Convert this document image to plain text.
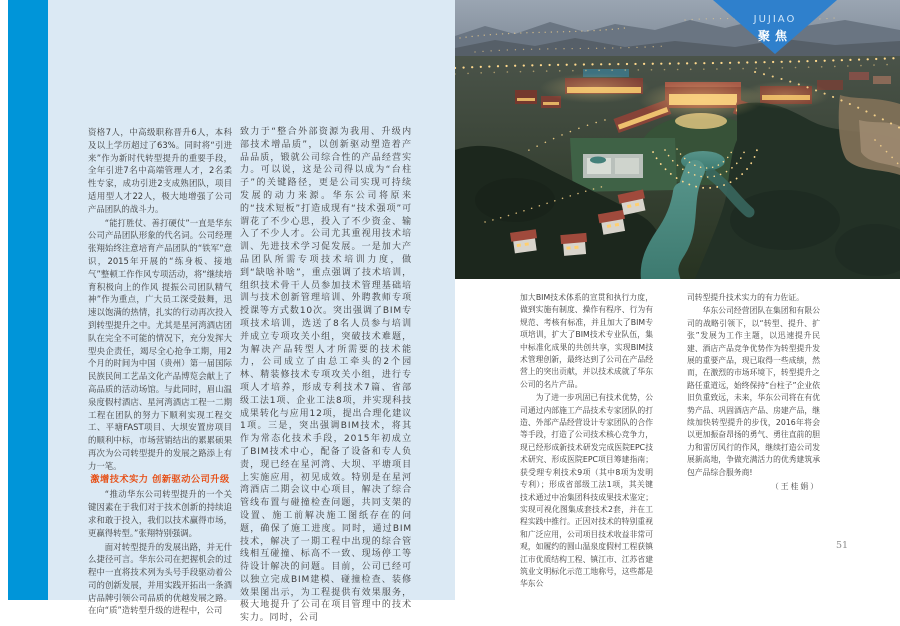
JUJIAO
聚焦
资格7人，中高级职称晋升6人，本科及以上学历超过了63%。同时将“引进来”作为新时代转型提升的重要手段，全年引进7名中高端管理人才，2名柔性专家，成功引进2支成熟团队，项目适用型人才22人，极大地增强了公司产品团队的战斗力。
“能打胜仗、善打硬仗”一直是华东公司产品团队形象的代名词。公司经理张翔始终注意培育产品团队的“铁军”意识，2015年开展的“练身板、接地气”整顿工作作风专项活动，将“继续培育积极向上的作风 提振公司团队精气神”作为重点，广大员工深受鼓舞，迅速以饱满的热情，扎实的行动再次投入到转型提升之中。尤其是星河湾酒店团队在完全不可能的情况下，充分发挥大型央企责任，竭尽全心抢争工期，用2个月的时间为中国（贵州）第一届国际民族民间工艺品文化产品博览会献上了高品质的活动场馆。与此同时，眉山温泉度假村酒店、星河湾酒店工程一二期工程在团队的努力下顺利实现工程交工、平塘FAST项目、大坝安置房项目的顺利中标，市场营销结出的累累硕果再次为公司转型提升的发展之路添上有力一笔。
激增技术实力 创新驱动公司升级
“推动华东公司转型提升的一个关键因素在于我们对于技术创新的持续追求和敢于投入，我们以技术赢得市场，更赢得转型。”张翔特别强调。
面对转型提升的发展出路，并无什么捷径可言。华东公司在把握机会的过程中一直将技术列为头号手段驱动着公司的创新发展，并用实践开拓出一条酒店品牌引领公司品质的优越发展之路。在向“质”造转型升级的进程中，公司
致力于“整合外部资源为我用、升级内部技术增品质”，以创新驱动塑造着产品品质，锻就公司综合性的产品经营实力。可以说，这是公司得以成为“台柱子”的关键路径，更是公司实现可持续发展的动力来源。华东公司将原来的“技术短板”打造成现有“技术强项”可谓花了不少心思，投入了不少资金、输入了不少人才。公司尤其重视用技术培训、先进技术学习促发展。一是加大产品团队所需专项技术培训力度，做到“缺啥补啥”，重点强调了技术培训，组织技术骨干人员参加技术管理基础培训与技术创新管理培训、外聘教师专项授课等方式数10次。突出强调了BIM专项技术培训，选送了8名人员参与培训并成立专项攻关小组，突破技术难题，为解决产品转型人才所需要的技术能力，公司成立了由总工牵头的2个园林、精装修技术专项攻关小组，进行专项人才培养，形成专利技术7篇、省部级工法1项、企业工法8项，并实现科技成果转化与应用12项，提出合理化建议1项。三是，突出强调BIM技术，将其作为常态化技术手段，2015年初成立了BIM技术中心，配备了设备和专人负责，现已经在星河湾、大坝、平塘项目上实施应用，初见成效。特别是在星河湾酒店二期会议中心项目，解决了综合管线布置与碰撞检查问题，共同支架的设置、施工前解决施工图纸存在的问题，确保了施工进度。同时，通过BIM技术，解决了一期工程中出现的综合管线相互碰撞、标高不一致、现场停工等待设计解决的问题。目前，公司已经可以独立完成BIM建模、碰撞检查、装修效果图出示，为工程提供有效果服务，极大地提升了公司在项目管理中的技术实力。同时，公司
加大BIM技术体系的宣贯和执行力度，做到实施有制度、操作有程序、行为有规范、考核有标准，并且加大了BIM专项培训，扩大了BIM技术专业队伍，集中标准化成果的共创共享，实现BIM技术管理创新，最终达到了公司在产品经营上的突出贡献，并以技术成就了华东公司的名片产品。
为了进一步巩固已有技术优势，公司通过内部施工产品技术专家团队的打造、外部产品经营设计专家团队的合作等手段，打造了公司技术核心竞争力，现已经形成新技术研发完成医院EPC技术研究、形成医院EPC项目筹建指南；获受理专利技术9项（其中8项为发明专利）；形成省部级工法1项，其关键技术通过中冶集团科技成果技术鉴定；实现可视化图集成套技术2套，并在工程实践中推行。正因对技术的特别重视和广泛应用，公司项目技术收益非常可观，如履约的圆山温泉度假村工程获镇江市优质结构工程、镇江市、江苏省建筑业文明标化示范工地称号，这些都是华东公
司转型提升技术实力的有力佐证。
华东公司经营团队在集团和有限公司的战略引领下，以“转型、提升、扩张”发展为工作主题，以迅速提升民建、酒店产品竞争优势作为转型提升发展的重要产品，现已取得一些成绩，然而，在激烈的市场环境下，转型提升之路任重道远，始终保持“台柱子”企业依旧负重致远，未来，华东公司将在有优势产品、巩固酒店产品、房建产品，继续加快转型提升的步伐，2016年将会以更加振奋昂扬的勇气、勇往直前的胆力和雷厉风行的作风，继续打造公司发展新高地，争做充满活力的优秀建筑承包产品综合服务商!
（王桂娟）
51
